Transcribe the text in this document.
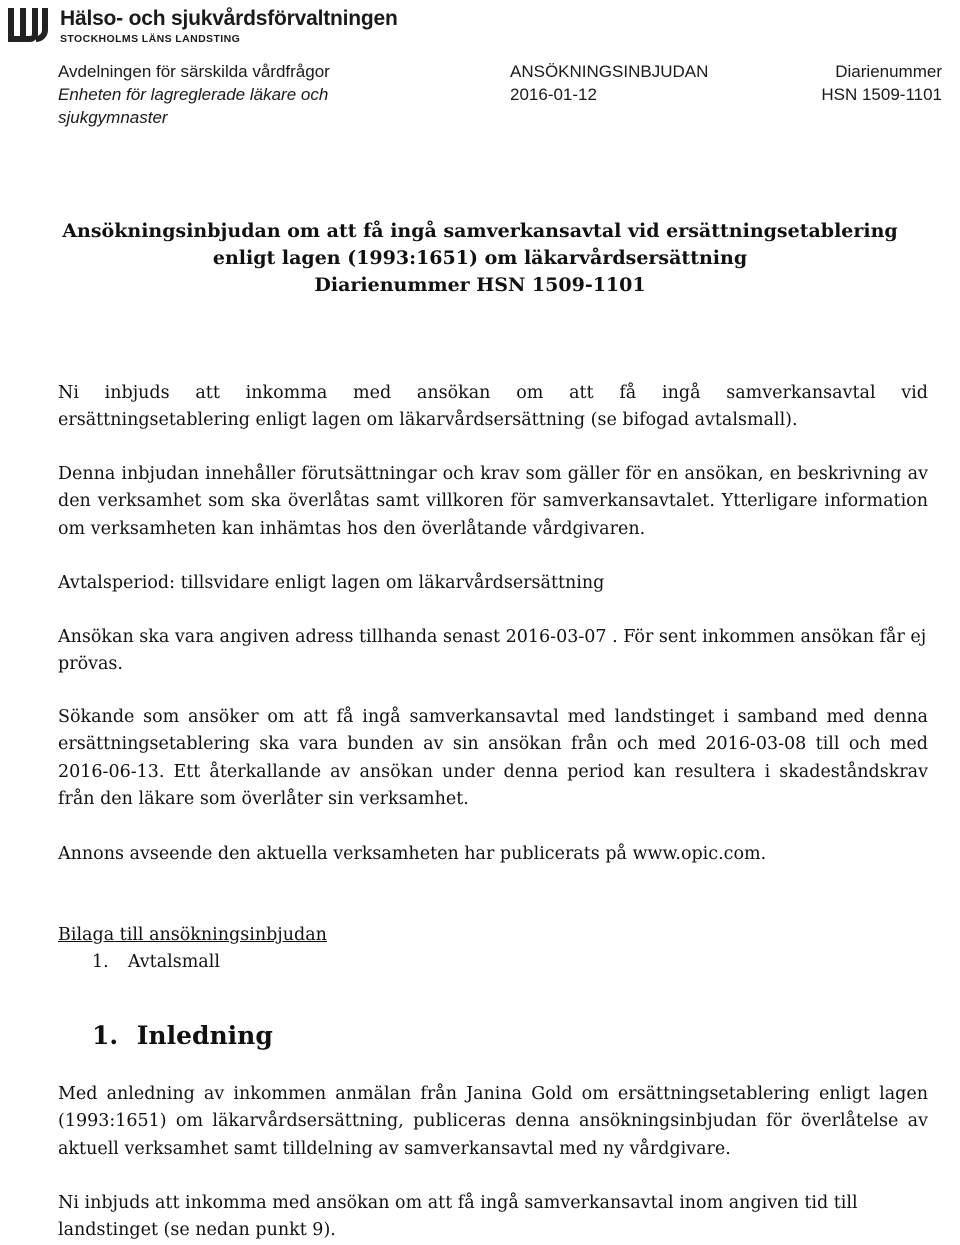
Hälso- och sjukvårdsförvaltningen
STOCKHOLMS LÄNS LANDSTING
Avdelningen för särskilda vårdfrågor
Enheten för lagreglerade läkare och
sjukgymnaster
ANSÖKNINGSINBJUDAN
2016-01-12
Diarienummer
HSN 1509-1101
Ansökningsinbjudan om att få ingå samverkansavtal vid ersättningsetablering
enligt lagen (1993:1651) om läkarvårdsersättning
Diarienummer HSN 1509-1101
Ni inbjuds att inkomma med ansökan om att få ingå samverkansavtal vid
ersättningsetablering enligt lagen om läkarvårdsersättning (se bifogad avtalsmall).

Denna inbjudan innehåller förutsättningar och krav som gäller för en ansökan, en beskrivning av den verksamhet som ska överlåtas samt villkoren för samverkansavtalet. Ytterligare information om verksamheten kan inhämtas hos den överlåtande vårdgivaren.

Avtalsperiod: tillsvidare enligt lagen om läkarvårdsersättning

Ansökan ska vara angiven adress tillhanda senast 2016-03-07 . För sent inkommen ansökan får ej prövas.

Sökande som ansöker om att få ingå samverkansavtal med landstinget i samband med denna ersättningsetablering ska vara bunden av sin ansökan från och med 2016-03-08 till och med 2016-06-13. Ett återkallande av ansökan under denna period kan resultera i skadeståndskrav från den läkare som överlåter sin verksamhet.

Annons avseende den aktuella verksamheten har publicerats på www.opic.com.

Bilaga till ansökningsinbjudan
1. Avtalsmall
1. Inledning

Med anledning av inkommen anmälan från Janina Gold om ersättningsetablering enligt lagen (1993:1651) om läkarvårdsersättning, publiceras denna ansökningsinbjudan för överlåtelse av aktuell verksamhet samt tilldelning av samverkansavtal med ny vårdgivare.

Ni inbjuds att inkomma med ansökan om att få ingå samverkansavtal inom angiven tid till landstinget (se nedan punkt 9).
